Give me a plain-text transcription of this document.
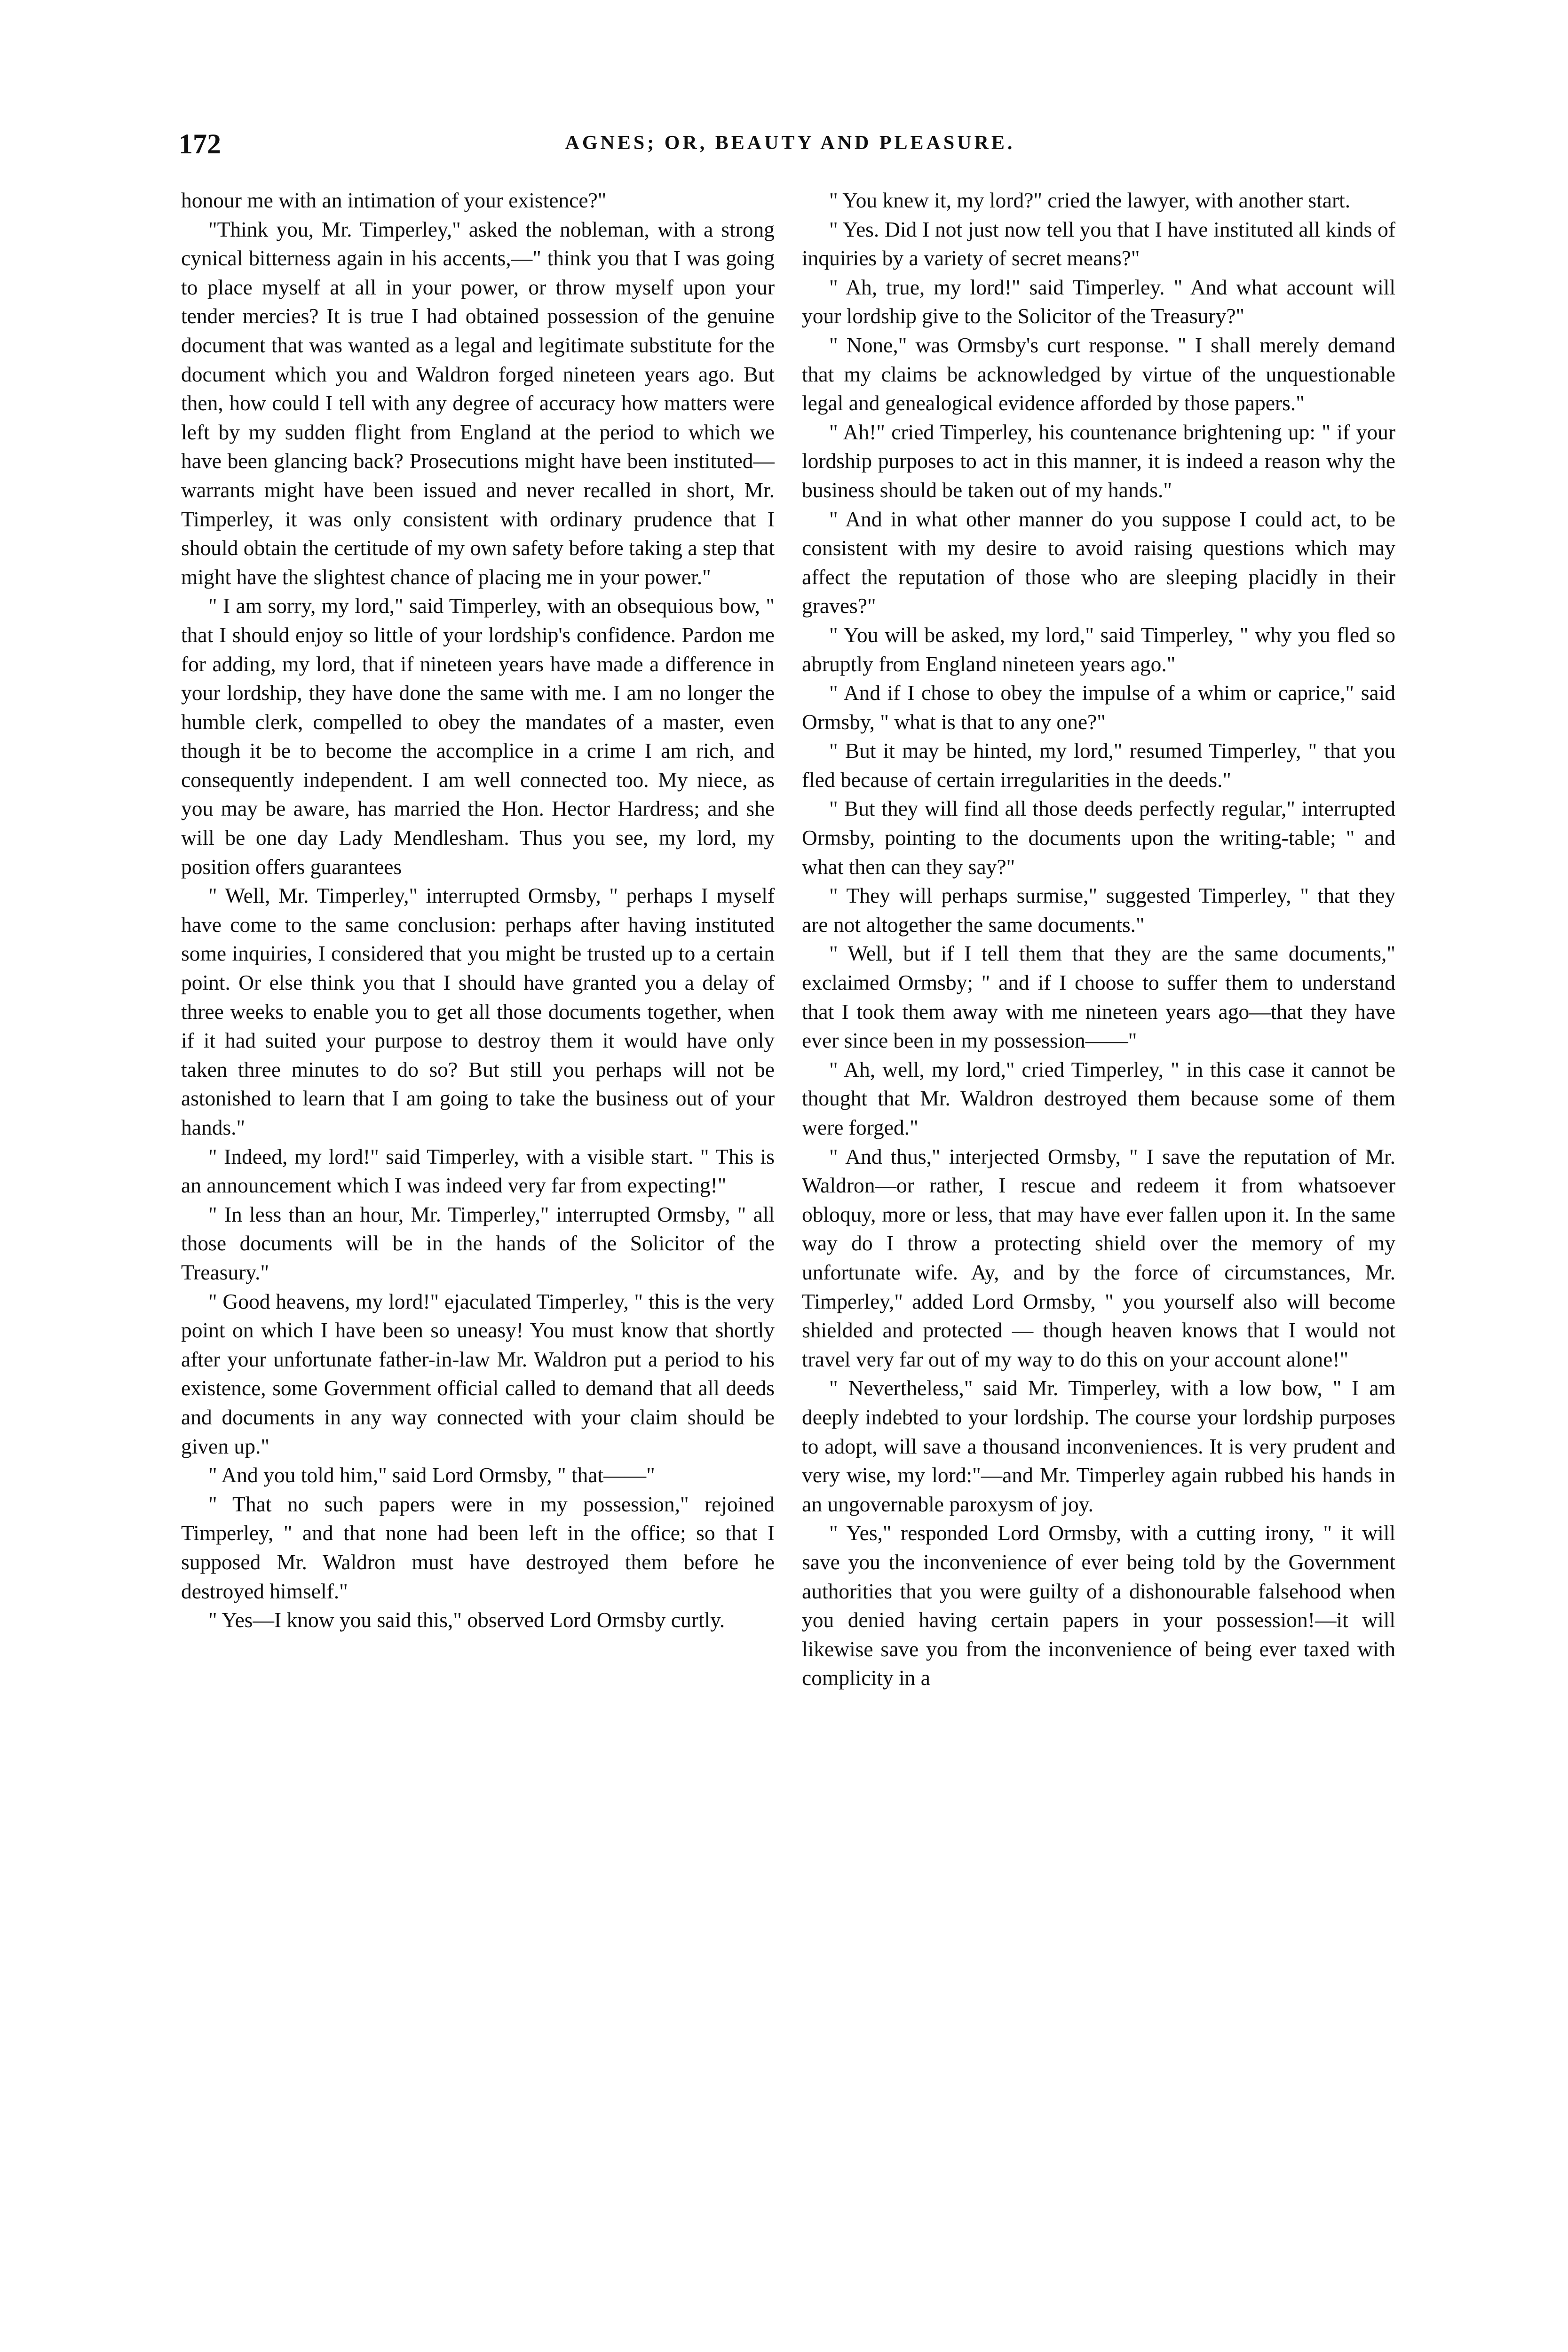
172	AGNES; OR, BEAUTY AND PLEASURE.

honour me with an intimation of your existence?"

"Think you, Mr. Timperley," asked the nobleman, with a strong cynical bitterness again in his accents,—" think you that I was going to place myself at all in your power, or throw myself upon your tender mercies? It is true I had obtained possession of the genuine document that was wanted as a legal and legitimate substitute for the document which you and Waldron forged nineteen years ago. But then, how could I tell with any degree of accuracy how matters were left by my sudden flight from England at the period to which we have been glancing back? Prosecutions might have been instituted—warrants might have been issued and never recalled in short, Mr. Timperley, it was only consistent with ordinary prudence that I should obtain the certitude of my own safety before taking a step that might have the slightest chance of placing me in your power."

" I am sorry, my lord," said Timperley, with an obsequious bow, " that I should enjoy so little of your lordship's confidence. Pardon me for adding, my lord, that if nineteen years have made a difference in your lordship, they have done the same with me. I am no longer the humble clerk, compelled to obey the mandates of a master, even though it be to become the accomplice in a crime I am rich, and consequently independent. I am well connected too. My niece, as you may be aware, has married the Hon. Hector Hardress; and she will be one day Lady Mendlesham. Thus you see, my lord, my position offers guarantees

" Well, Mr. Timperley," interrupted Ormsby, " perhaps I myself have come to the same conclusion: perhaps after having instituted some inquiries, I considered that you might be trusted up to a certain point. Or else think you that I should have granted you a delay of three weeks to enable you to get all those documents together, when if it had suited your purpose to destroy them it would have only taken three minutes to do so? But still you perhaps will not be astonished to learn that I am going to take the business out of your hands."

" Indeed, my lord!" said Timperley, with a visible start. " This is an announcement which I was indeed very far from expecting!"

" In less than an hour, Mr. Timperley," interrupted Ormsby, " all those documents will be in the hands of the Solicitor of the Treasury."

" Good heavens, my lord!" ejaculated Timperley, " this is the very point on which I have been so uneasy! You must know that shortly after your unfortunate father-in-law Mr. Waldron put a period to his existence, some Government official called to demand that all deeds and documents in any way connected with your claim should be given up."

" And you told him," said Lord Ormsby, " that——"

" That no such papers were in my possession," rejoined Timperley, " and that none had been left in the office; so that I supposed Mr. Waldron must have destroyed them before he destroyed himself."

" Yes—I know you said this," observed Lord Ormsby curtly.

" You knew it, my lord?" cried the lawyer, with another start.

" Yes. Did I not just now tell you that I have instituted all kinds of inquiries by a variety of secret means?"

" Ah, true, my lord!" said Timperley. " And what account will your lordship give to the Solicitor of the Treasury?"

" None," was Ormsby's curt response. " I shall merely demand that my claims be acknowledged by virtue of the unquestionable legal and genealogical evidence afforded by those papers."

" Ah!" cried Timperley, his countenance brightening up: " if your lordship purposes to act in this manner, it is indeed a reason why the business should be taken out of my hands."

" And in what other manner do you suppose I could act, to be consistent with my desire to avoid raising questions which may affect the reputation of those who are sleeping placidly in their graves?"

" You will be asked, my lord," said Timperley, " why you fled so abruptly from England nineteen years ago."

" And if I chose to obey the impulse of a whim or caprice," said Ormsby, " what is that to any one?"

" But it may be hinted, my lord," resumed Timperley, " that you fled because of certain irregularities in the deeds."

" But they will find all those deeds perfectly regular," interrupted Ormsby, pointing to the documents upon the writing-table; " and what then can they say?"

" They will perhaps surmise," suggested Timperley, " that they are not altogether the same documents."

" Well, but if I tell them that they are the same documents," exclaimed Ormsby; " and if I choose to suffer them to understand that I took them away with me nineteen years ago—that they have ever since been in my possession——"

" Ah, well, my lord," cried Timperley, " in this case it cannot be thought that Mr. Waldron destroyed them because some of them were forged."

" And thus," interjected Ormsby, " I save the reputation of Mr. Waldron—or rather, I rescue and redeem it from whatsoever obloquy, more or less, that may have ever fallen upon it. In the same way do I throw a protecting shield over the memory of my unfortunate wife. Ay, and by the force of circumstances, Mr. Timperley," added Lord Ormsby, " you yourself also will become shielded and protected — though heaven knows that I would not travel very far out of my way to do this on your account alone!"

" Nevertheless," said Mr. Timperley, with a low bow, " I am deeply indebted to your lordship. The course your lordship purposes to adopt, will save a thousand inconveniences. It is very prudent and very wise, my lord:"—and Mr. Timperley again rubbed his hands in an ungovernable paroxysm of joy.

" Yes," responded Lord Ormsby, with a cutting irony, " it will save you the inconvenience of ever being told by the Government authorities that you were guilty of a dishonourable falsehood when you denied having certain papers in your possession!—it will likewise save you from the inconvenience of being ever taxed with complicity in a
